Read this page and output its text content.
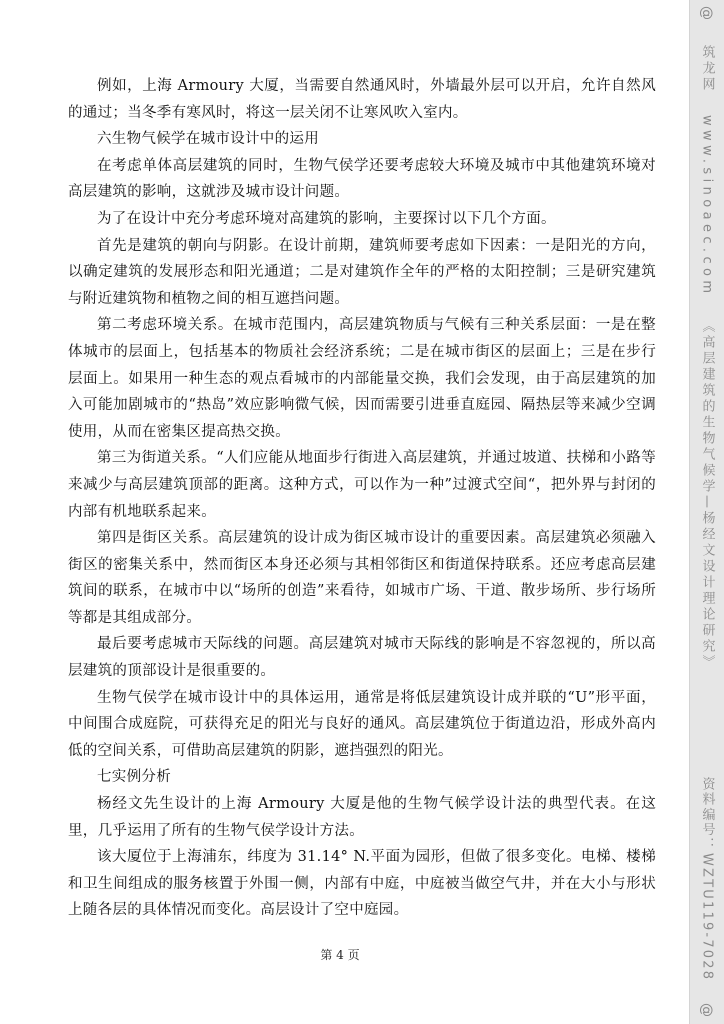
例如，上海 Armoury 大厦，当需要自然通风时，外墙最外层可以开启，允许自然风的通过；当冬季有寒风时，将这一层关闭不让寒风吹入室内。

六生物气候学在城市设计中的运用

在考虑单体高层建筑的同时，生物气侯学还要考虑较大环境及城市中其他建筑环境对高层建筑的影响，这就涉及城市设计问题。

为了在设计中充分考虑环境对高建筑的影响，主要探讨以下几个方面。

首先是建筑的朝向与阴影。在设计前期，建筑师要考虑如下因素：一是阳光的方向，以确定建筑的发展形态和阳光通道；二是对建筑作全年的严格的太阳控制；三是研究建筑与附近建筑物和植物之间的相互遮挡问题。

第二考虑环境关系。在城市范围内，高层建筑物质与气候有三种关系层面：一是在整体城市的层面上，包括基本的物质社会经济系统；二是在城市街区的层面上；三是在步行层面上。如果用一种生态的观点看城市的内部能量交换，我们会发现，由于高层建筑的加入可能加剧城市的“热岛”效应影响微气候，因而需要引进垂直庭园、隔热层等来减少空调使用，从而在密集区提高热交换。

第三为街道关系。“人们应能从地面步行街进入高层建筑，并通过坡道、扶梯和小路等来减少与高层建筑顶部的距离。这种方式，可以作为一种”过渡式空间“，把外界与封闭的内部有机地联系起来。

第四是街区关系。高层建筑的设计成为街区城市设计的重要因素。高层建筑必须融入街区的密集关系中，然而街区本身还必须与其相邻街区和街道保持联系。还应考虑高层建筑间的联系，在城市中以“场所的创造”来看待，如城市广场、干道、散步场所、步行场所等都是其组成部分。

最后要考虑城市天际线的问题。高层建筑对城市天际线的影响是不容忽视的，所以高层建筑的顶部设计是很重要的。

生物气侯学在城市设计中的具体运用，通常是将低层建筑设计成并联的“U”形平面，中间围合成庭院，可获得充足的阳光与良好的通风。高层建筑位于街道边沿，形成外高内低的空间关系，可借助高层建筑的阴影，遮挡强烈的阳光。

七实例分析

杨经文先生设计的上海 Armoury 大厦是他的生物气候学设计法的典型代表。在这里，几乎运用了所有的生物气侯学设计方法。

该大厦位于上海浦东，纬度为 31.14° N.平面为园形，但做了很多变化。电梯、楼梯和卫生间组成的服务核置于外围一侧，内部有中庭，中庭被当做空气井，并在大小与形状上随各层的具体情况而变化。高层设计了空中庭园。

第 4 页
@筑龙网www.sinoaec.com《高层建筑的生物气候学—杨经文设计理论研究》
资料编号：WZTU119-7028@
